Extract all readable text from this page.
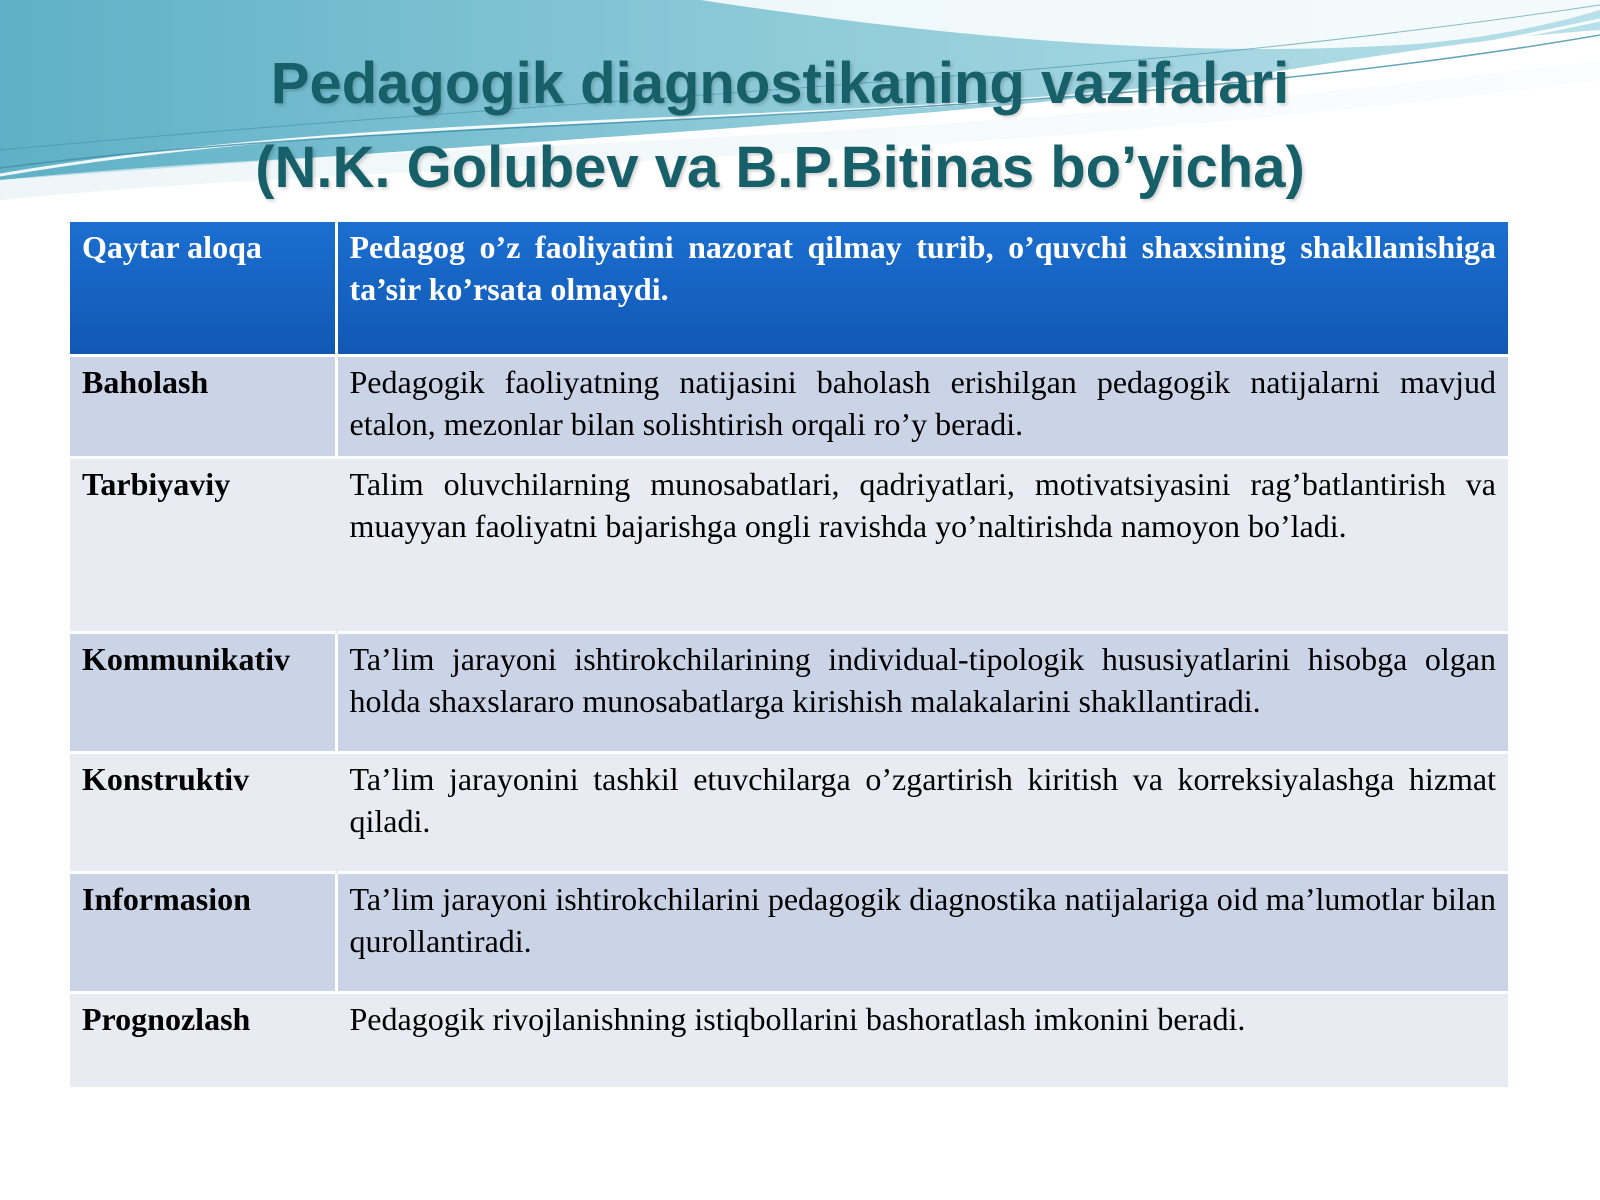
Pedagogik diagnostikaning vazifalari
(N.K. Golubev va B.P.Bitinas bo’yicha)
Qaytar aloqa	Pedagog o’z faoliyatini nazorat qilmay turib, o’quvchi shaxsining shakllanishiga ta’sir ko’rsata olmaydi.
Baholash	Pedagogik faoliyatning natijasini baholash erishilgan pedagogik natijalarni mavjud etalon, mezonlar bilan solishtirish orqali ro’y beradi.
Tarbiyaviy	Talim oluvchilarning munosabatlari, qadriyatlari, motivatsiyasini rag’batlantirish va muayyan faoliyatni bajarishga ongli ravishda yo’naltirishda namoyon bo’ladi.
Kommunikativ	Ta’lim jarayoni ishtirokchilarining individual-tipologik hususiyatlarini hisobga olgan holda shaxslararo munosabatlarga kirishish malakalarini shakllantiradi.
Konstruktiv	Ta’lim jarayonini tashkil etuvchilarga o’zgartirish kiritish va korreksiyalashga hizmat qiladi.
Informasion	Ta’lim jarayoni ishtirokchilarini pedagogik diagnostika natijalariga oid ma’lumotlar bilan qurollantiradi.
Prognozlash	Pedagogik rivojlanishning istiqbollarini bashoratlash imkonini beradi.
